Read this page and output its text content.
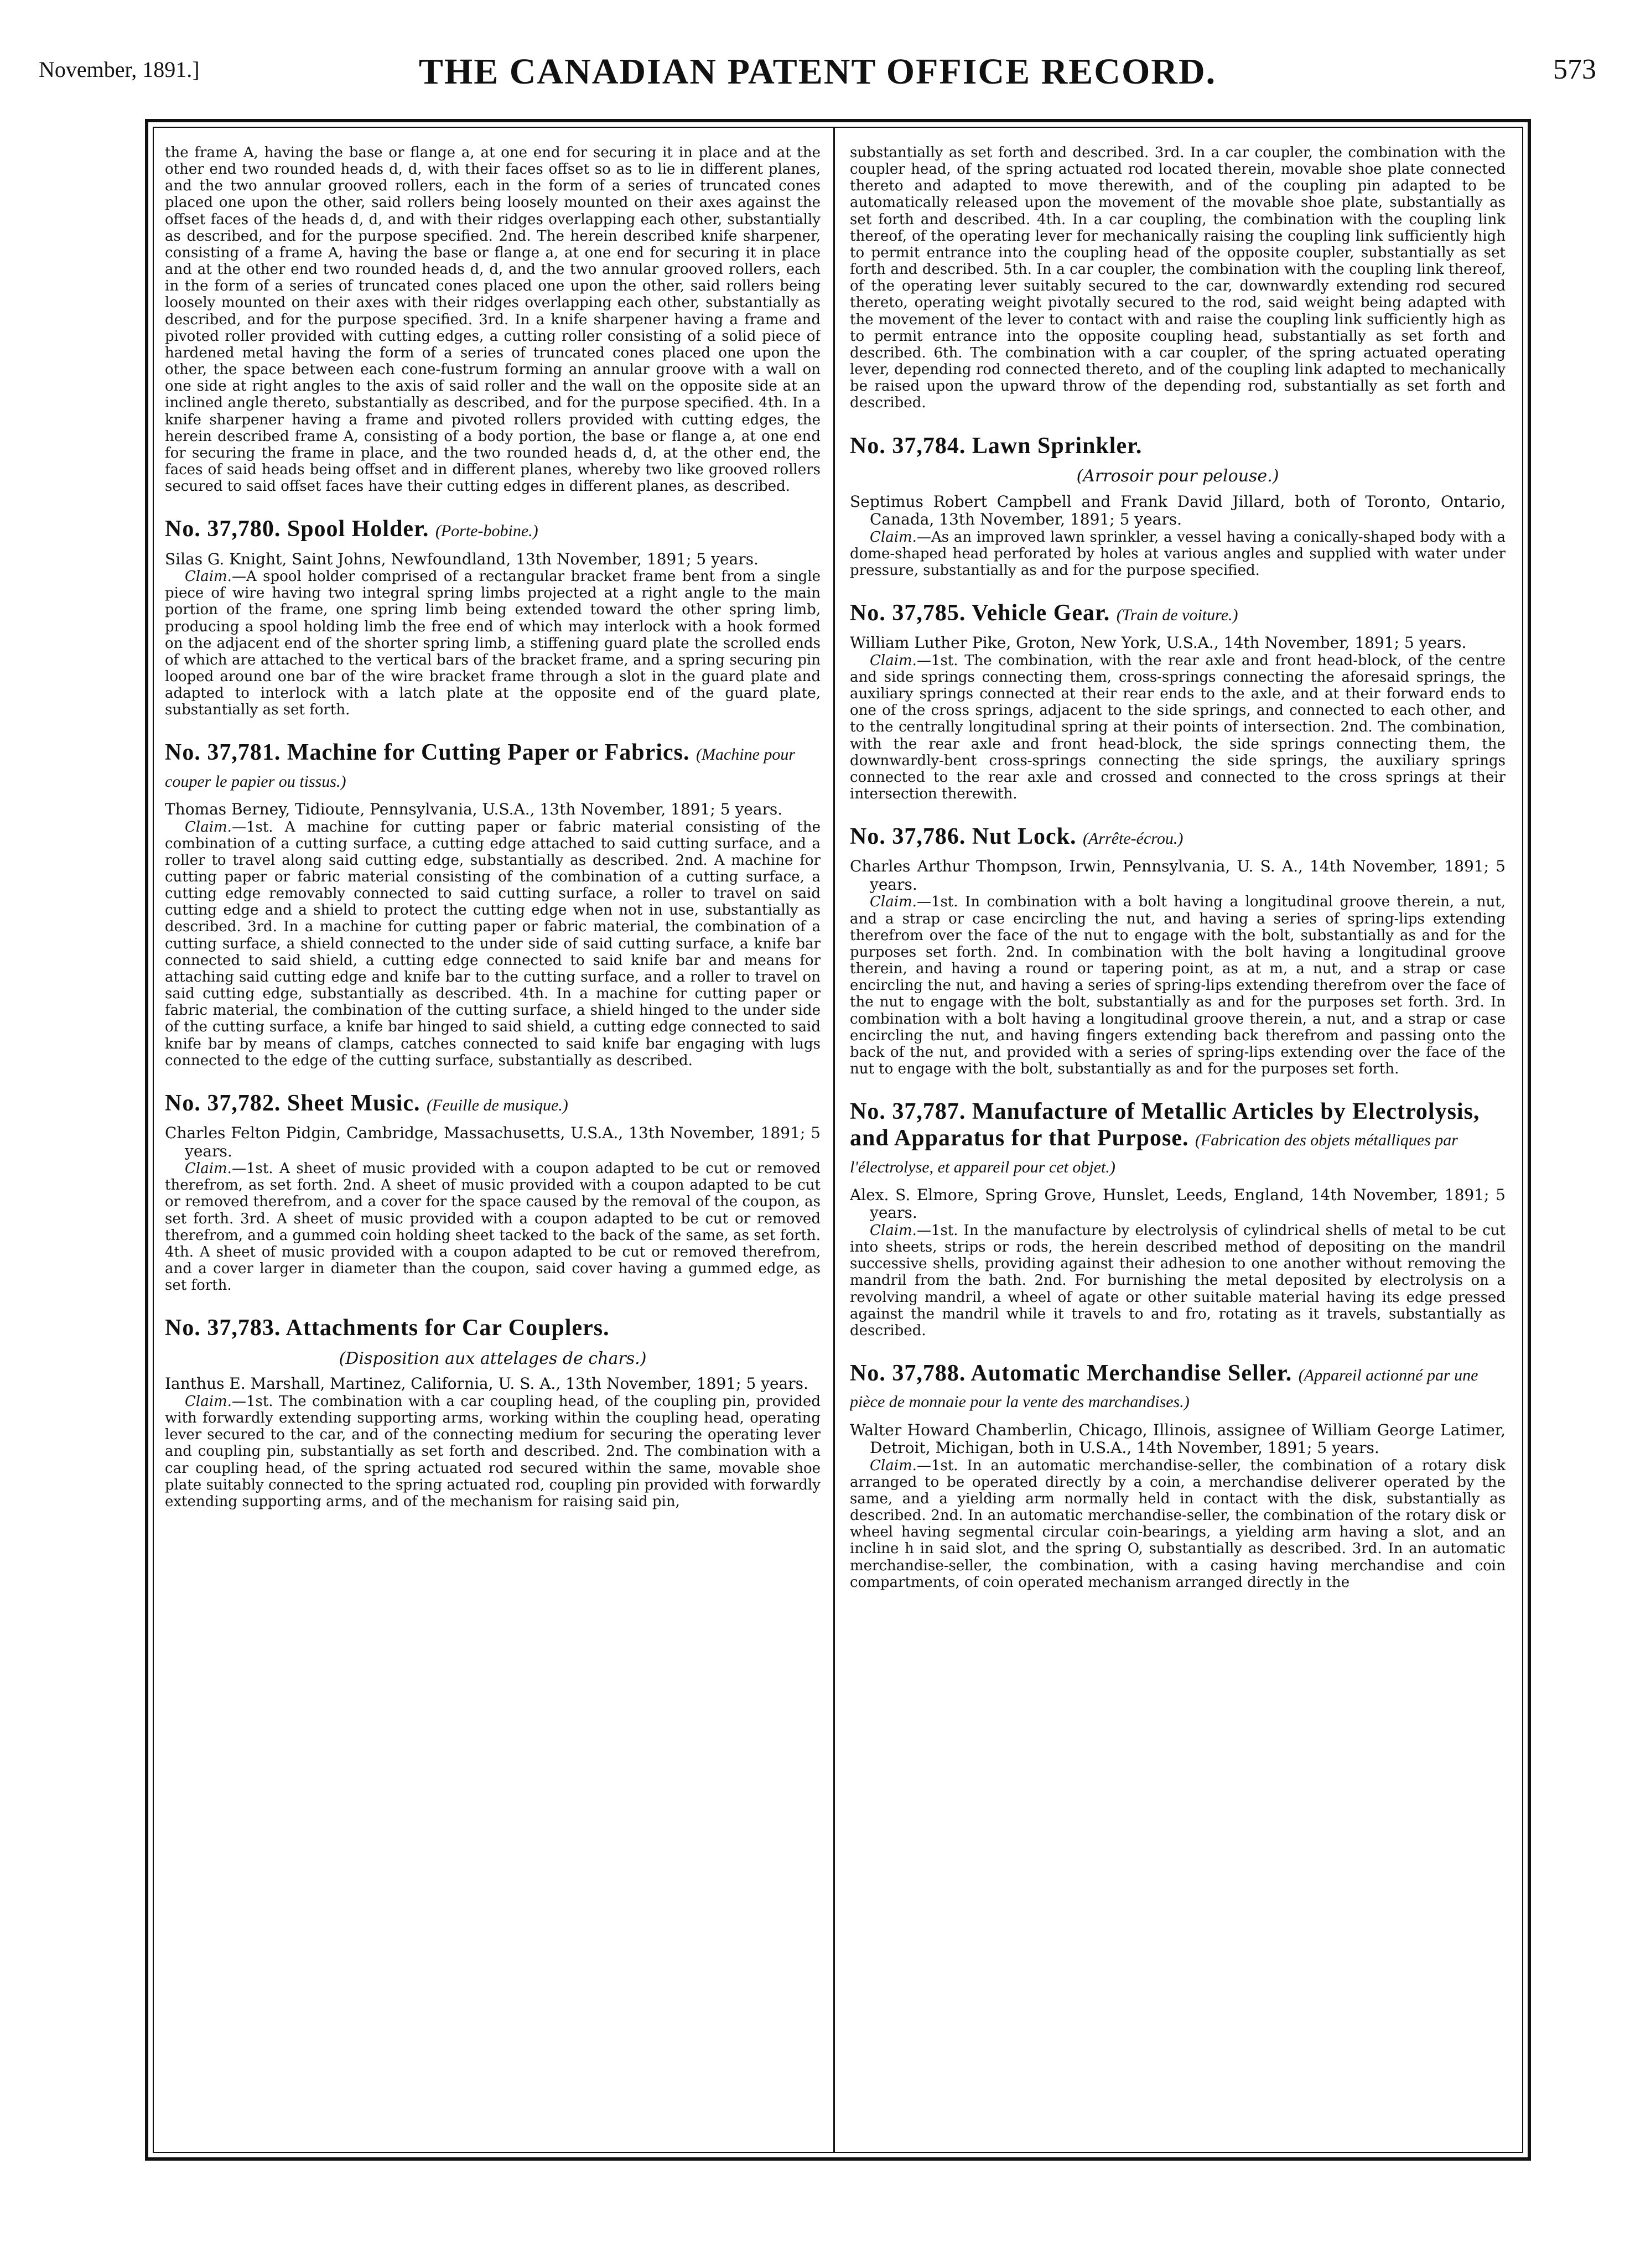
November, 1891.]	THE CANADIAN PATENT OFFICE RECORD.	573

the frame A, having the base or flange a, at one end for securing it in place and at the other end two rounded heads d, d, with their faces offset so as to lie in different planes, and the two annular grooved rollers, each in the form of a series of truncated cones placed one upon the other, said rollers being loosely mounted on their axes against the offset faces of the heads d, d, and with their ridges overlapping each other, substantially as described, and for the purpose specified. 2nd. The herein described knife sharpener, consisting of a frame A, having the base or flange a, at one end for securing it in place and at the other end two rounded heads d, d, and the two annular grooved rollers, each in the form of a series of truncated cones placed one upon the other, said rollers being loosely mounted on their axes with their ridges overlapping each other, substantially as described, and for the purpose specified. 3rd. In a knife sharpener having a frame and pivoted roller provided with cutting edges, a cutting roller consisting of a solid piece of hardened metal having the form of a series of truncated cones placed one upon the other, the space between each cone-fustrum forming an annular groove with a wall on one side at right angles to the axis of said roller and the wall on the opposite side at an inclined angle thereto, substantially as described, and for the purpose specified. 4th. In a knife sharpener having a frame and pivoted rollers provided with cutting edges, the herein described frame A, consisting of a body portion, the base or flange a, at one end for securing the frame in place, and the two rounded heads d, d, at the other end, the faces of said heads being offset and in different planes, whereby two like grooved rollers secured to said offset faces have their cutting edges in different planes, as described.

No. 37,780. Spool Holder. (Porte-bobine.)

Silas G. Knight, Saint Johns, Newfoundland, 13th November, 1891; 5 years.

Claim.—A spool holder comprised of a rectangular bracket frame bent from a single piece of wire having two integral spring limbs projected at a right angle to the main portion of the frame, one spring limb being extended toward the other spring limb, producing a spool holding limb the free end of which may interlock with a hook formed on the adjacent end of the shorter spring limb, a stiffening guard plate the scrolled ends of which are attached to the vertical bars of the bracket frame, and a spring securing pin looped around one bar of the wire bracket frame through a slot in the guard plate and adapted to interlock with a latch plate at the opposite end of the guard plate, substantially as set forth.

No. 37,781. Machine for Cutting Paper or Fabrics. (Machine pour couper le papier ou tissus.)

Thomas Berney, Tidioute, Pennsylvania, U.S.A., 13th November, 1891; 5 years.

Claim.—1st. A machine for cutting paper or fabric material consisting of the combination of a cutting surface, a cutting edge attached to said cutting surface, and a roller to travel along said cutting edge, substantially as described. 2nd. A machine for cutting paper or fabric material consisting of the combination of a cutting surface, a cutting edge removably connected to said cutting surface, a roller to travel on said cutting edge and a shield to protect the cutting edge when not in use, substantially as described. 3rd. In a machine for cutting paper or fabric material, the combination of a cutting surface, a shield connected to the under side of said cutting surface, a knife bar connected to said shield, a cutting edge connected to said knife bar and means for attaching said cutting edge and knife bar to the cutting surface, and a roller to travel on said cutting edge, substantially as described. 4th. In a machine for cutting paper or fabric material, the combination of the cutting surface, a shield hinged to the under side of the cutting surface, a knife bar hinged to said shield, a cutting edge connected to said knife bar by means of clamps, catches connected to said knife bar engaging with lugs connected to the edge of the cutting surface, substantially as described.

No. 37,782. Sheet Music. (Feuille de musique.)

Charles Felton Pidgin, Cambridge, Massachusetts, U.S.A., 13th November, 1891; 5 years.

Claim.—1st. A sheet of music provided with a coupon adapted to be cut or removed therefrom, as set forth. 2nd. A sheet of music provided with a coupon adapted to be cut or removed therefrom, and a cover for the space caused by the removal of the coupon, as set forth. 3rd. A sheet of music provided with a coupon adapted to be cut or removed therefrom, and a gummed coin holding sheet tacked to the back of the same, as set forth. 4th. A sheet of music provided with a coupon adapted to be cut or removed therefrom, and a cover larger in diameter than the coupon, said cover having a gummed edge, as set forth.

No. 37,783. Attachments for Car Couplers.
(Disposition aux attelages de chars.)

Ianthus E. Marshall, Martinez, California, U. S. A., 13th November, 1891; 5 years.

Claim.—1st. The combination with a car coupling head, of the coupling pin, provided with forwardly extending supporting arms, working within the coupling head, operating lever secured to the car, and of the connecting medium for securing the operating lever and coupling pin, substantially as set forth and described. 2nd. The combination with a car coupling head, of the spring actuated rod secured within the same, movable shoe plate suitably connected to the spring actuated rod, coupling pin provided with forwardly extending supporting arms, and of the mechanism for raising said pin,

substantially as set forth and described. 3rd. In a car coupler, the combination with the coupler head, of the spring actuated rod located therein, movable shoe plate connected thereto and adapted to move therewith, and of the coupling pin adapted to be automatically released upon the movement of the movable shoe plate, substantially as set forth and described. 4th. In a car coupling, the combination with the coupling link thereof, of the operating lever for mechanically raising the coupling link sufficiently high to permit entrance into the coupling head of the opposite coupler, substantially as set forth and described. 5th. In a car coupler, the combination with the coupling link thereof, of the operating lever suitably secured to the car, downwardly extending rod secured thereto, operating weight pivotally secured to the rod, said weight being adapted with the movement of the lever to contact with and raise the coupling link sufficiently high as to permit entrance into the opposite coupling head, substantially as set forth and described. 6th. The combination with a car coupler, of the spring actuated operating lever, depending rod connected thereto, and of the coupling link adapted to mechanically be raised upon the upward throw of the depending rod, substantially as set forth and described.

No. 37,784. Lawn Sprinkler.
(Arrosoir pour pelouse.)

Septimus Robert Campbell and Frank David Jillard, both of Toronto, Ontario, Canada, 13th November, 1891; 5 years.

Claim.—As an improved lawn sprinkler, a vessel having a conically-shaped body with a dome-shaped head perforated by holes at various angles and supplied with water under pressure, substantially as and for the purpose specified.

No. 37,785. Vehicle Gear. (Train de voiture.)

William Luther Pike, Groton, New York, U.S.A., 14th November, 1891; 5 years.

Claim.—1st. The combination, with the rear axle and front head-block, of the centre and side springs connecting them, cross-springs connecting the aforesaid springs, the auxiliary springs connected at their rear ends to the axle, and at their forward ends to one of the cross springs, adjacent to the side springs, and connected to each other, and to the centrally longitudinal spring at their points of intersection. 2nd. The combination, with the rear axle and front head-block, the side springs connecting them, the downwardly-bent cross-springs connecting the side springs, the auxiliary springs connected to the rear axle and crossed and connected to the cross springs at their intersection therewith.

No. 37,786. Nut Lock. (Arrête-écrou.)

Charles Arthur Thompson, Irwin, Pennsylvania, U. S. A., 14th November, 1891; 5 years.

Claim.—1st. In combination with a bolt having a longitudinal groove therein, a nut, and a strap or case encircling the nut, and having a series of spring-lips extending therefrom over the face of the nut to engage with the bolt, substantially as and for the purposes set forth. 2nd. In combination with the bolt having a longitudinal groove therein, and having a round or tapering point, as at m, a nut, and a strap or case encircling the nut, and having a series of spring-lips extending therefrom over the face of the nut to engage with the bolt, substantially as and for the purposes set forth. 3rd. In combination with a bolt having a longitudinal groove therein, a nut, and a strap or case encircling the nut, and having fingers extending back therefrom and passing onto the back of the nut, and provided with a series of spring-lips extending over the face of the nut to engage with the bolt, substantially as and for the purposes set forth.

No. 37,787. Manufacture of Metallic Articles by Electrolysis, and Apparatus for that Purpose. (Fabrication des objets métalliques par l'électrolyse, et appareil pour cet objet.)

Alex. S. Elmore, Spring Grove, Hunslet, Leeds, England, 14th November, 1891; 5 years.

Claim.—1st. In the manufacture by electrolysis of cylindrical shells of metal to be cut into sheets, strips or rods, the herein described method of depositing on the mandril successive shells, providing against their adhesion to one another without removing the mandril from the bath. 2nd. For burnishing the metal deposited by electrolysis on a revolving mandril, a wheel of agate or other suitable material having its edge pressed against the mandril while it travels to and fro, rotating as it travels, substantially as described.

No. 37,788. Automatic Merchandise Seller. (Appareil actionné par une pièce de monnaie pour la vente des marchandises.)

Walter Howard Chamberlin, Chicago, Illinois, assignee of William George Latimer, Detroit, Michigan, both in U.S.A., 14th November, 1891; 5 years.

Claim.—1st. In an automatic merchandise-seller, the combination of a rotary disk arranged to be operated directly by a coin, a merchandise deliverer operated by the same, and a yielding arm normally held in contact with the disk, substantially as described. 2nd. In an automatic merchandise-seller, the combination of the rotary disk or wheel having segmental circular coin-bearings, a yielding arm having a slot, and an incline h in said slot, and the spring O, substantially as described. 3rd. In an automatic merchandise-seller, the combination, with a casing having merchandise and coin compartments, of coin operated mechanism arranged directly in the
